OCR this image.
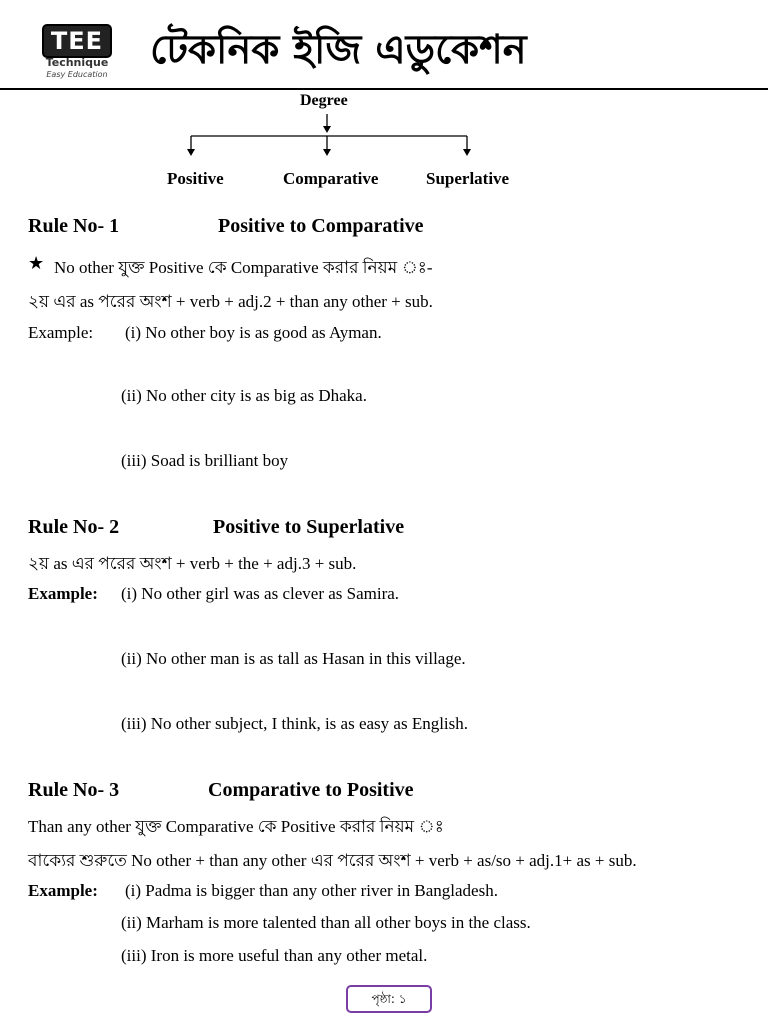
TEE
Technique
Easy Education
টেকনিক ইজি এডুকেশন
Degree
Positive	Comparative	Superlative
Rule No- 1	Positive to Comparative
★ No other যুক্ত Positive কে Comparative করার নিয়ম ঃ-
২য় এর as পরের অংশ + verb + adj.2 + than any other + sub.
Example: (i) No other boy is as good as Ayman.
(ii) No other city is as big as Dhaka.
(iii) Soad is brilliant boy
Rule No- 2	Positive to Superlative
২য় as এর পরের অংশ + verb + the + adj.3 + sub.
Example: (i) No other girl was as clever as Samira.
(ii) No other man is as tall as Hasan in this village.
(iii) No other subject, I think, is as easy as English.
Rule No- 3	Comparative to Positive
Than any other যুক্ত Comparative কে Positive করার নিয়ম ঃ
বাক্যের শুরুতে No other + than any other এর পরের অংশ + verb + as/so + adj.1+ as + sub.
Example: (i) Padma is bigger than any other river in Bangladesh.
(ii) Marham is more talented than all other boys in the class.
(iii) Iron is more useful than any other metal.
পৃষ্ঠা: ১
